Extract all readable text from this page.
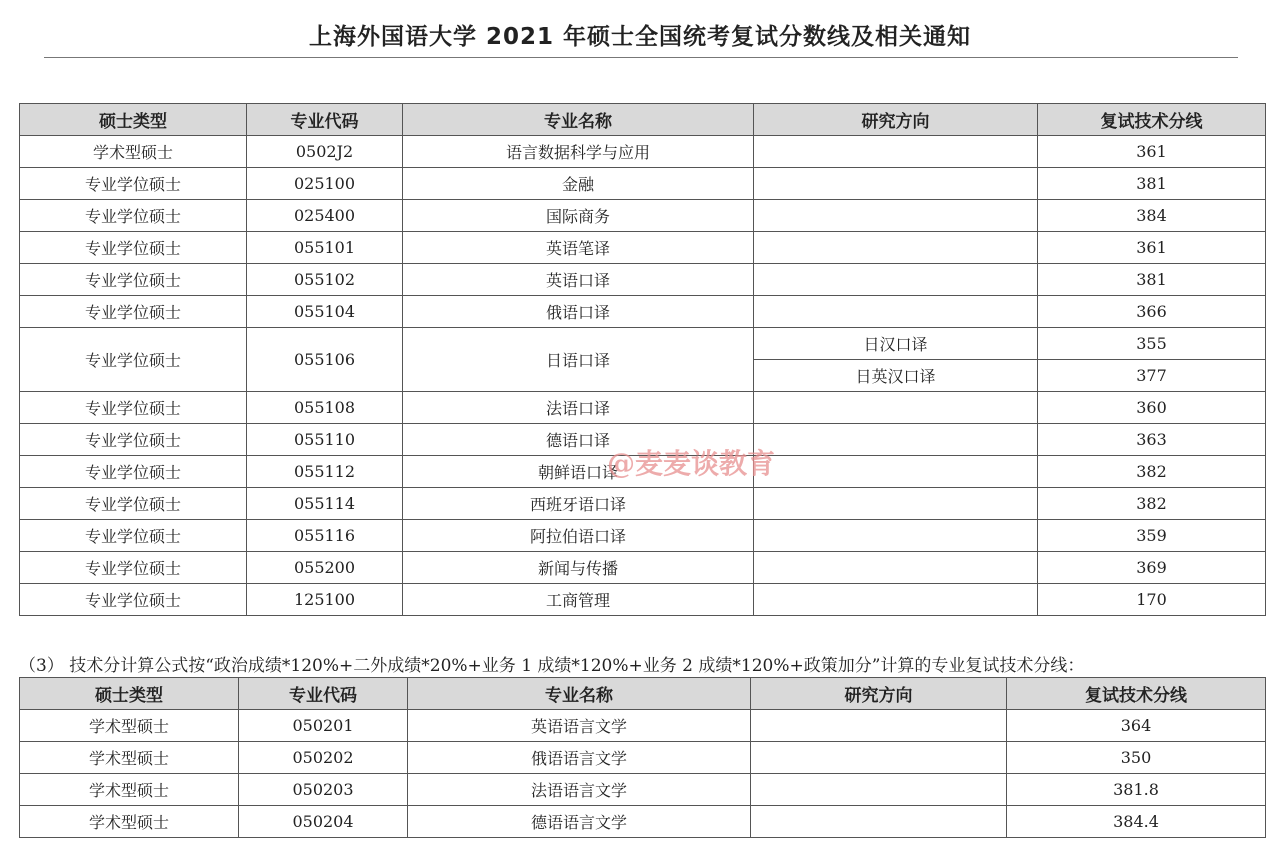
上海外国语大学 2021 年硕士全国统考复试分数线及相关通知
硕士类型	专业代码	专业名称	研究方向	复试技术分线
学术型硕士	0502J2	语言数据科学与应用		361
专业学位硕士	025100	金融		381
专业学位硕士	025400	国际商务		384
专业学位硕士	055101	英语笔译		361
专业学位硕士	055102	英语口译		381
专业学位硕士	055104	俄语口译		366
专业学位硕士	055106	日语口译	日汉口译	355
			日英汉口译	377
专业学位硕士	055108	法语口译		360
专业学位硕士	055110	德语口译		363
专业学位硕士	055112	朝鲜语口译		382
专业学位硕士	055114	西班牙语口译		382
专业学位硕士	055116	阿拉伯语口译		359
专业学位硕士	055200	新闻与传播		369
专业学位硕士	125100	工商管理		170
（3） 技术分计算公式按“政治成绩*120%+二外成绩*20%+业务 1 成绩*120%+业务 2 成绩*120%+政策加分”计算的专业复试技术分线：
硕士类型	专业代码	专业名称	研究方向	复试技术分线
学术型硕士	050201	英语语言文学		364
学术型硕士	050202	俄语语言文学		350
学术型硕士	050203	法语语言文学		381.8
学术型硕士	050204	德语语言文学		384.4
@麦麦谈教育
